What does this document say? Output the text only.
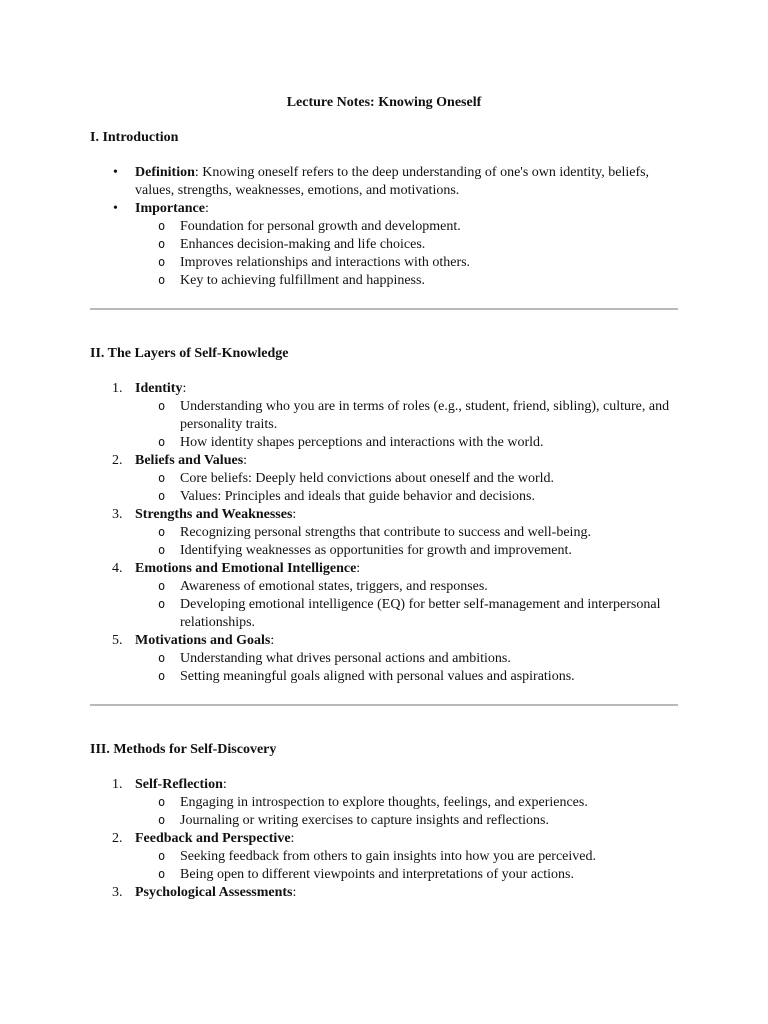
Lecture Notes: Knowing Oneself
I. Introduction
• Definition: Knowing oneself refers to the deep understanding of one's own identity, beliefs, values, strengths, weaknesses, emotions, and motivations.
• Importance:
o Foundation for personal growth and development.
o Enhances decision-making and life choices.
o Improves relationships and interactions with others.
o Key to achieving fulfillment and happiness.
II. The Layers of Self-Knowledge
1. Identity:
o Understanding who you are in terms of roles (e.g., student, friend, sibling), culture, and personality traits.
o How identity shapes perceptions and interactions with the world.
2. Beliefs and Values:
o Core beliefs: Deeply held convictions about oneself and the world.
o Values: Principles and ideals that guide behavior and decisions.
3. Strengths and Weaknesses:
o Recognizing personal strengths that contribute to success and well-being.
o Identifying weaknesses as opportunities for growth and improvement.
4. Emotions and Emotional Intelligence:
o Awareness of emotional states, triggers, and responses.
o Developing emotional intelligence (EQ) for better self-management and interpersonal relationships.
5. Motivations and Goals:
o Understanding what drives personal actions and ambitions.
o Setting meaningful goals aligned with personal values and aspirations.
III. Methods for Self-Discovery
1. Self-Reflection:
o Engaging in introspection to explore thoughts, feelings, and experiences.
o Journaling or writing exercises to capture insights and reflections.
2. Feedback and Perspective:
o Seeking feedback from others to gain insights into how you are perceived.
o Being open to different viewpoints and interpretations of your actions.
3. Psychological Assessments:
